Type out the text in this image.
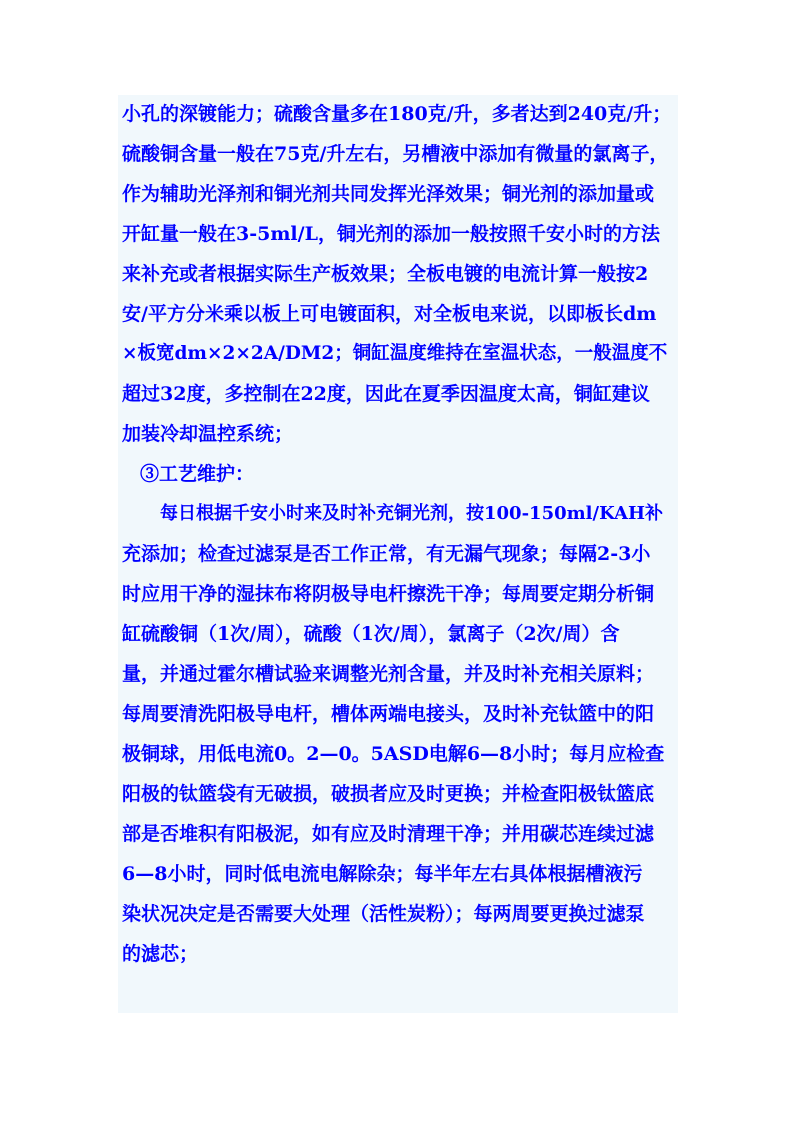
小孔的深镀能力；硫酸含量多在180克/升，多者达到240克/升；
硫酸铜含量一般在75克/升左右，另槽液中添加有微量的氯离子，
作为辅助光泽剂和铜光剂共同发挥光泽效果；铜光剂的添加量或
开缸量一般在3-5ml/L，铜光剂的添加一般按照千安小时的方法
来补充或者根据实际生产板效果；全板电镀的电流计算一般按2
安/平方分米乘以板上可电镀面积，对全板电来说，以即板长dm
×板宽dm×2×2A/DM2；铜缸温度维持在室温状态，一般温度不
超过32度，多控制在22度，因此在夏季因温度太高，铜缸建议
加装冷却温控系统；
③工艺维护：
每日根据千安小时来及时补充铜光剂，按100-150ml/KAH补
充添加；检查过滤泵是否工作正常，有无漏气现象；每隔2-3小
时应用干净的湿抹布将阴极导电杆擦洗干净；每周要定期分析铜
缸硫酸铜（1次/周），硫酸（1次/周），氯离子（2次/周）含
量，并通过霍尔槽试验来调整光剂含量，并及时补充相关原料；
每周要清洗阳极导电杆，槽体两端电接头，及时补充钛篮中的阳
极铜球，用低电流0。2—0。5ASD电解6—8小时；每月应检查
阳极的钛篮袋有无破损，破损者应及时更换；并检查阳极钛篮底
部是否堆积有阳极泥，如有应及时清理干净；并用碳芯连续过滤
6—8小时，同时低电流电解除杂；每半年左右具体根据槽液污
染状况决定是否需要大处理（活性炭粉）；每两周要更换过滤泵
的滤芯；
